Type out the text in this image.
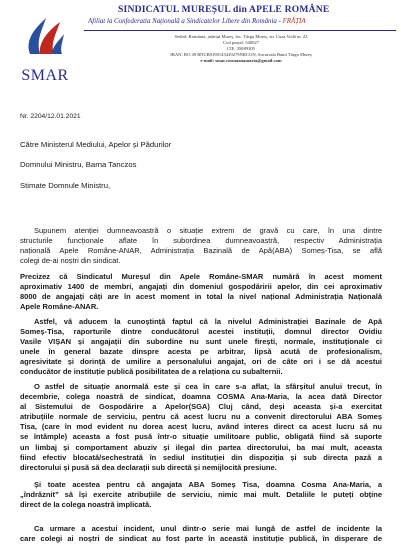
SMAR
SINDICATUL MUREȘUL din APELE ROMÂNE
Afiliat la Confederatia Națională a Sindicatelor Libere din România - FRĂȚIA
Sediul: România, județul Mureș, loc. Târgu Mureș, str. Cuza Vodă nr. 22
Cod poștal: 540027
CIF: 35089305
IBAN: RO 49 RNCB0190145429279NRCON, Sucursala Banii Târgu Mureș
e-mail: smar.cosmaanamaria@gmail.com
Nr. 2204/12.01.2021
Către Ministerul Mediului, Apelor și Pădurilor
Domnului Ministru, Barna Tanczos
Stimate Domnule Ministru,
Supunem atenției dumneavoastră o situație extrem de gravă cu care, în una dintre
structurile funcționale aflate în subordinea dumneavoastră, respectiv Administrația
națională Apele Române-ANAR, Administrația Bazinală de Apă(ABA) Someș-Tisa, se află
colegi de-ai noștri din sindicat.
Precizez că Sindicatul Mureșul din Apele Române-SMAR numără în acest moment
aproximativ 1400 de membri, angajați din domeniul gospodăririi apelor, din cei aproximativ
8000 de angajați câți are în acest moment in total la nivel național Administrația Națională
Apele Române-ANAR.
Astfel, vă aducem la cunoștință faptul că la nivelul Administrației Bazinale de Apă
Someș-Tisa, raporturile dintre conducătorul acestei instituții, domnul director Ovidiu
Vasile VIȘAN și angajații din subordine nu sunt unele firești, normale, instituționale ci
unele în general bazate dinspre acesta pe arbitrar, lipsă acută de profesionalism,
agresivitate și dorință de umilire a personalului angajat, ori de câte ori i se dă acestui
conducător de instituție publică posibilitatea de a relaționa cu subalternii.
O astfel de situație anormală este și cea în care s-a aflat, la sfârșitul anului trecut, în
decembrie, colega noastră de sindicat, doamna COSMA Ana-Maria, la acea dată Director
al Sistemului de Gospodărire a Apelor(SGA) Cluj când, deși aceasta și-a exercitat
atribuțiile normale de serviciu, pentru că acest lucru nu a convenit directorului ABA Someș
Tisa, (care în mod evident nu dorea acest lucru, având interes direct ca acest lucru să nu
se întâmple) aceasta a fost pusă într-o situație umilitoare public, obligată fiind să suporte
un limbaj și comportament abuziv și ilegal din partea directorului, ba mai mult, aceasta
fiind efectiv blocată/sechestrată în sediul instituției din dispoziția și sub directa pază a
directorului și pusă să dea declarații sub directă și nemijlocită presiune.
Și toate acestea pentru că angajata ABA Someș Tisa, doamna Cosma Ana-Maria, a
„îndrăznit” să își exercite atribuțiile de serviciu, nimic mai mult. Detaliile le puteți obține
direct de la colega noastră implicată.
Ca urmare a acestui incident, unul dintr-o serie mai lungă de astfel de incidente la
care colegi ai noștri de sindicat au fost parte în această instituție publică, în disperare de
